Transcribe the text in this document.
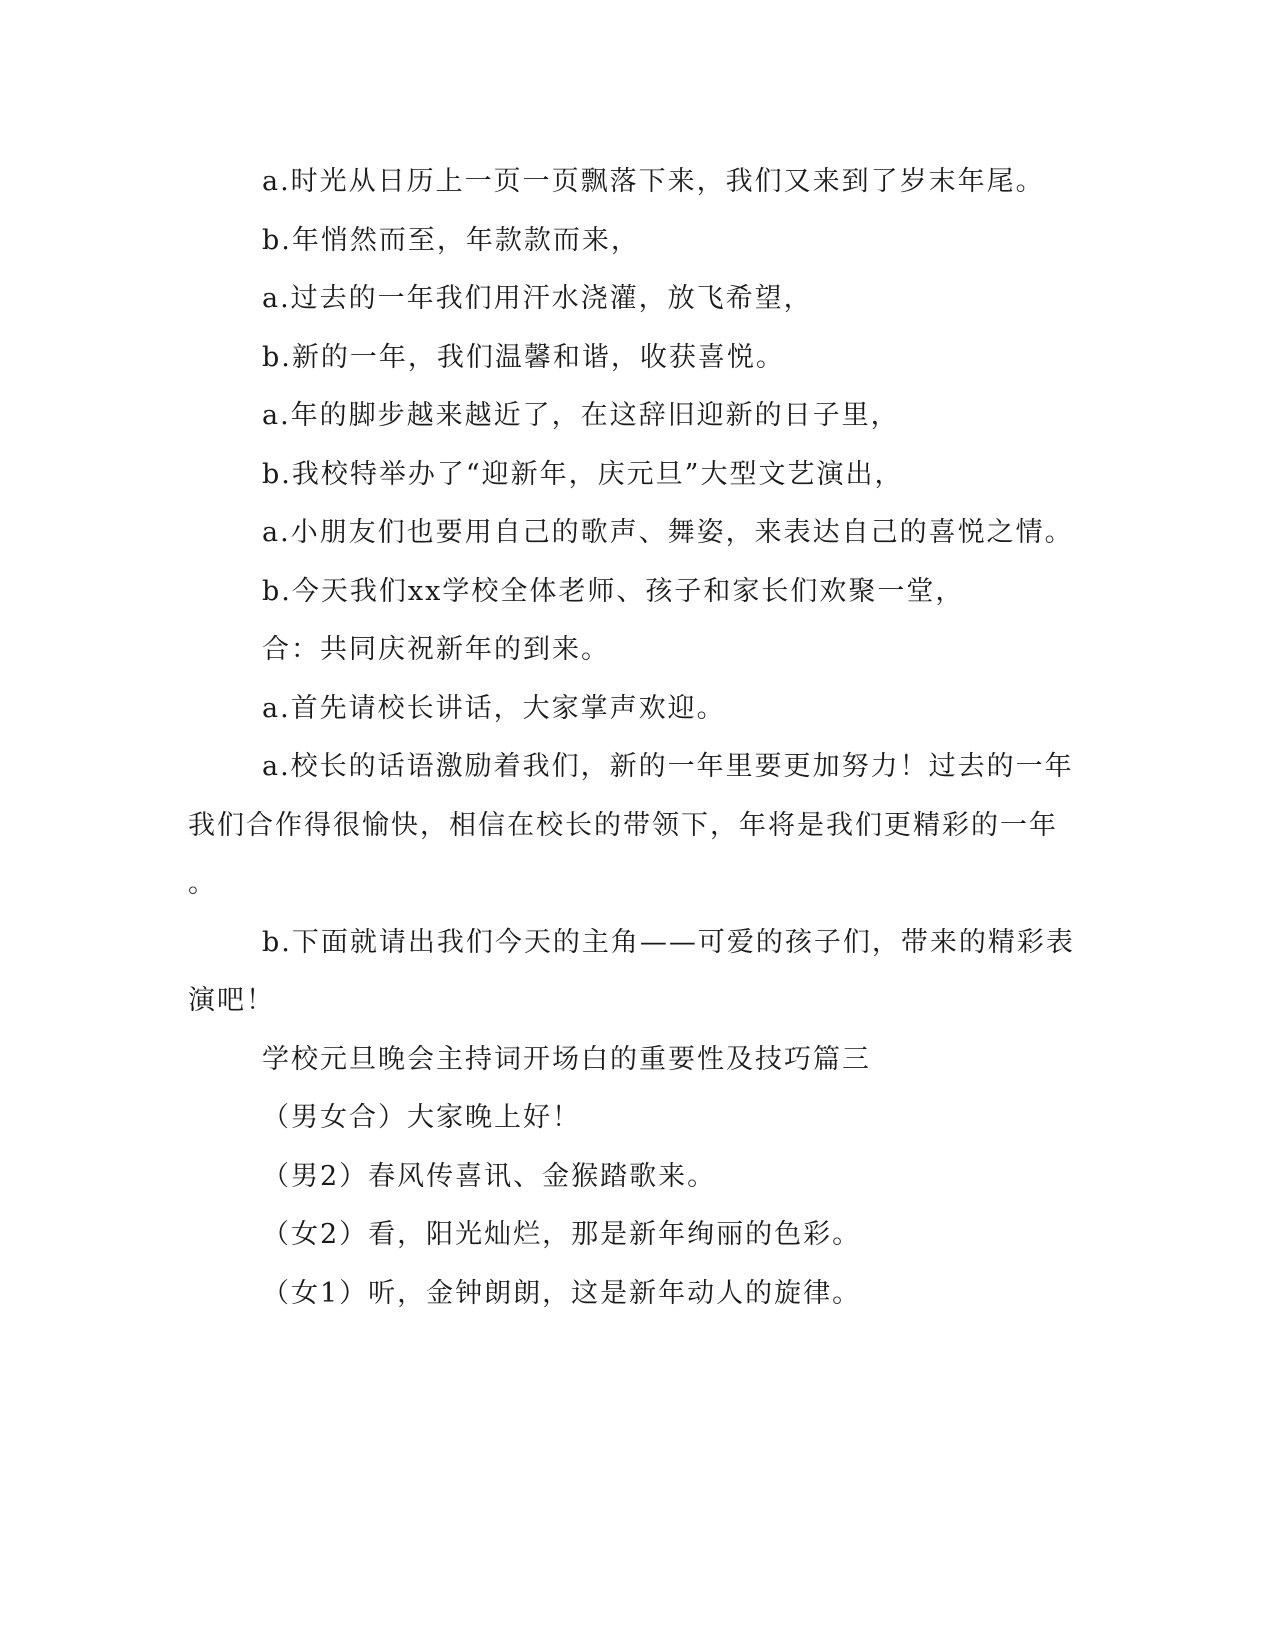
a.时光从日历上一页一页飘落下来，我们又来到了岁末年尾。
b.年悄然而至，年款款而来，
a.过去的一年我们用汗水浇灌，放飞希望，
b.新的一年，我们温馨和谐，收获喜悦。
a.年的脚步越来越近了，在这辞旧迎新的日子里，
b.我校特举办了“迎新年，庆元旦”大型文艺演出，
a.小朋友们也要用自己的歌声、舞姿，来表达自己的喜悦之情。
b.今天我们xx学校全体老师、孩子和家长们欢聚一堂，
合：共同庆祝新年的到来。
a.首先请校长讲话，大家掌声欢迎。
a.校长的话语激励着我们，新的一年里要更加努力！过去的一年
我们合作得很愉快，相信在校长的带领下，年将是我们更精彩的一年
。
b.下面就请出我们今天的主角——可爱的孩子们，带来的精彩表
演吧！
学校元旦晚会主持词开场白的重要性及技巧篇三
（男女合）大家晚上好！
（男2）春风传喜讯、金猴踏歌来。
（女2）看，阳光灿烂，那是新年绚丽的色彩。
（女1）听，金钟朗朗，这是新年动人的旋律。
